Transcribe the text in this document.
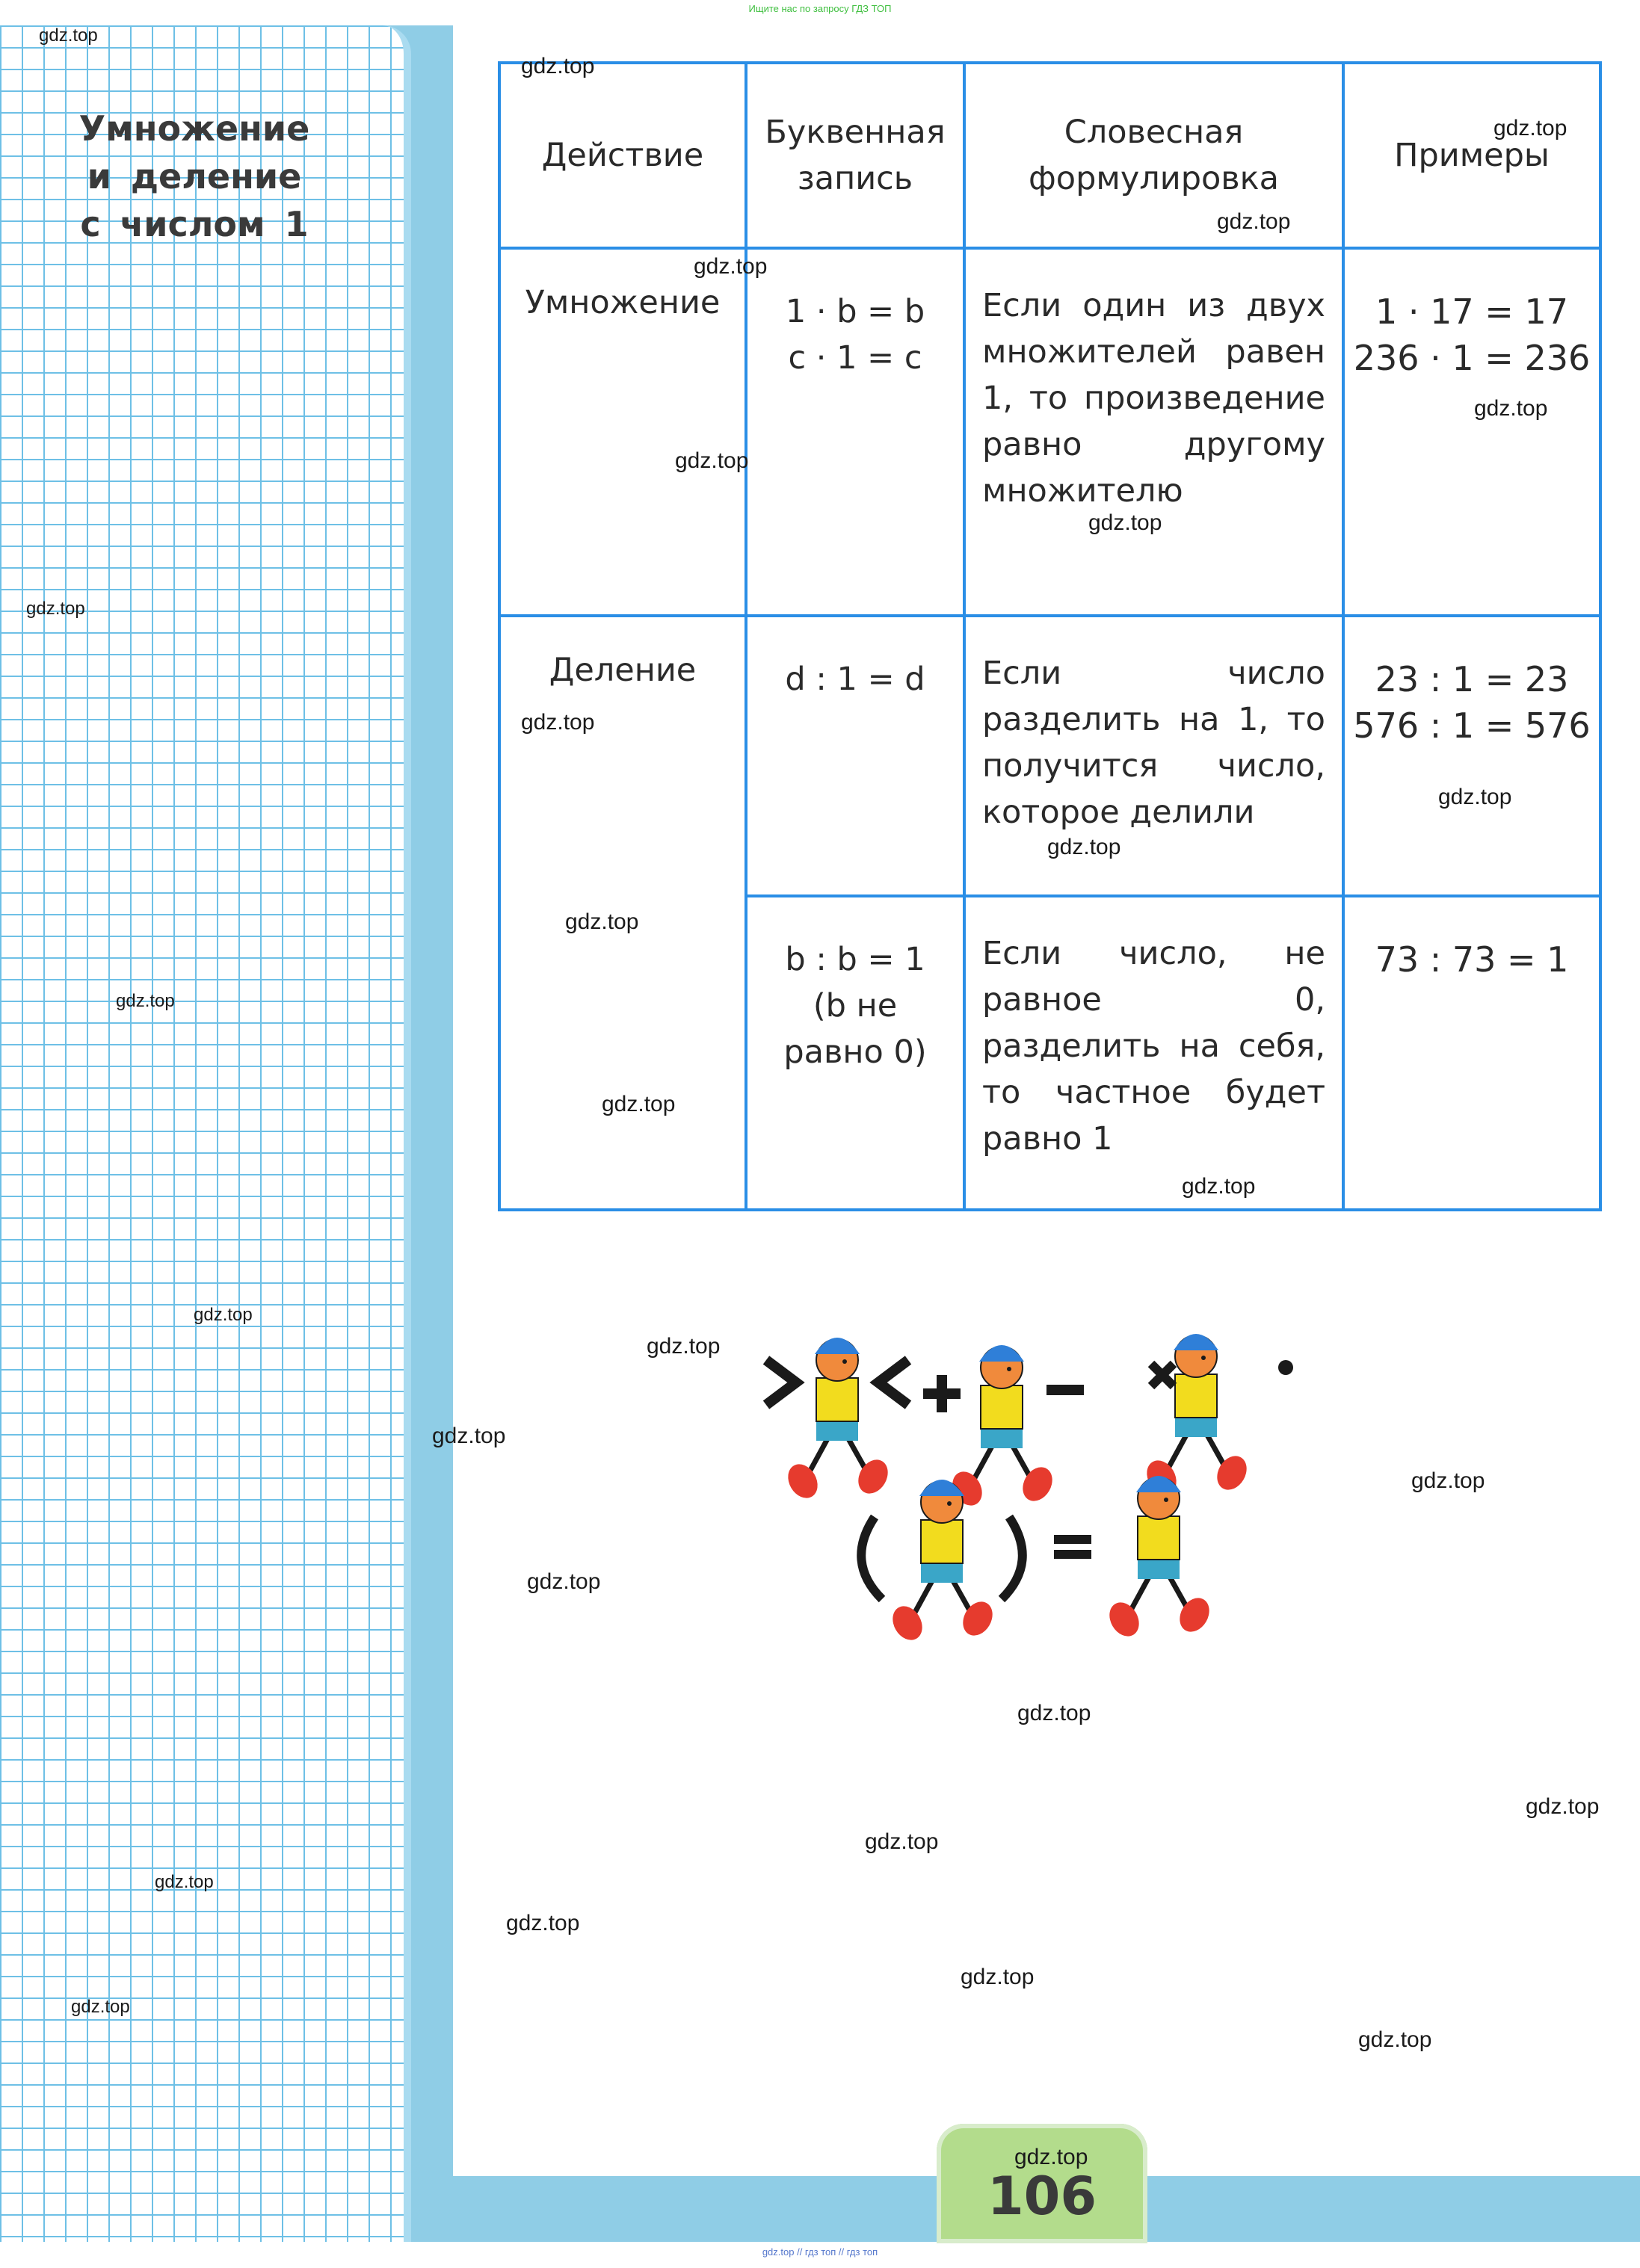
Ищите нас по запросу ГДЗ ТОП
Умножение
и деление
с числом 1
Действие	Буквенная запись	Словесная формулировка	Примеры
Умножение	1 · b = b
c · 1 = c	Если один из двух множителей равен 1, то произведение равно другому множителю	1 · 17 = 17
236 · 1 = 236

Деление	d : 1 = d	Если число разделить на 1, то получится число, которое делили	23 : 1 = 23
576 : 1 = 576

	b : b = 1
(b не
равно 0)	Если число, не равное 0, разделить на себя, то частное будет равно 1	73 : 73 = 1
106
gdz.top // гдз топ // гдз топ
gdz.top
gdz.top
gdz.top
gdz.top
gdz.top
gdz.top
gdz.top
gdz.top
gdz.top
gdz.top
gdz.top
gdz.top
gdz.top
gdz.top
gdz.top
gdz.top
gdz.top
gdz.top
gdz.top
gdz.top
gdz.top
gdz.top
gdz.top
gdz.top
gdz.top
gdz.top
gdz.top
gdz.top
gdz.top
gdz.top
